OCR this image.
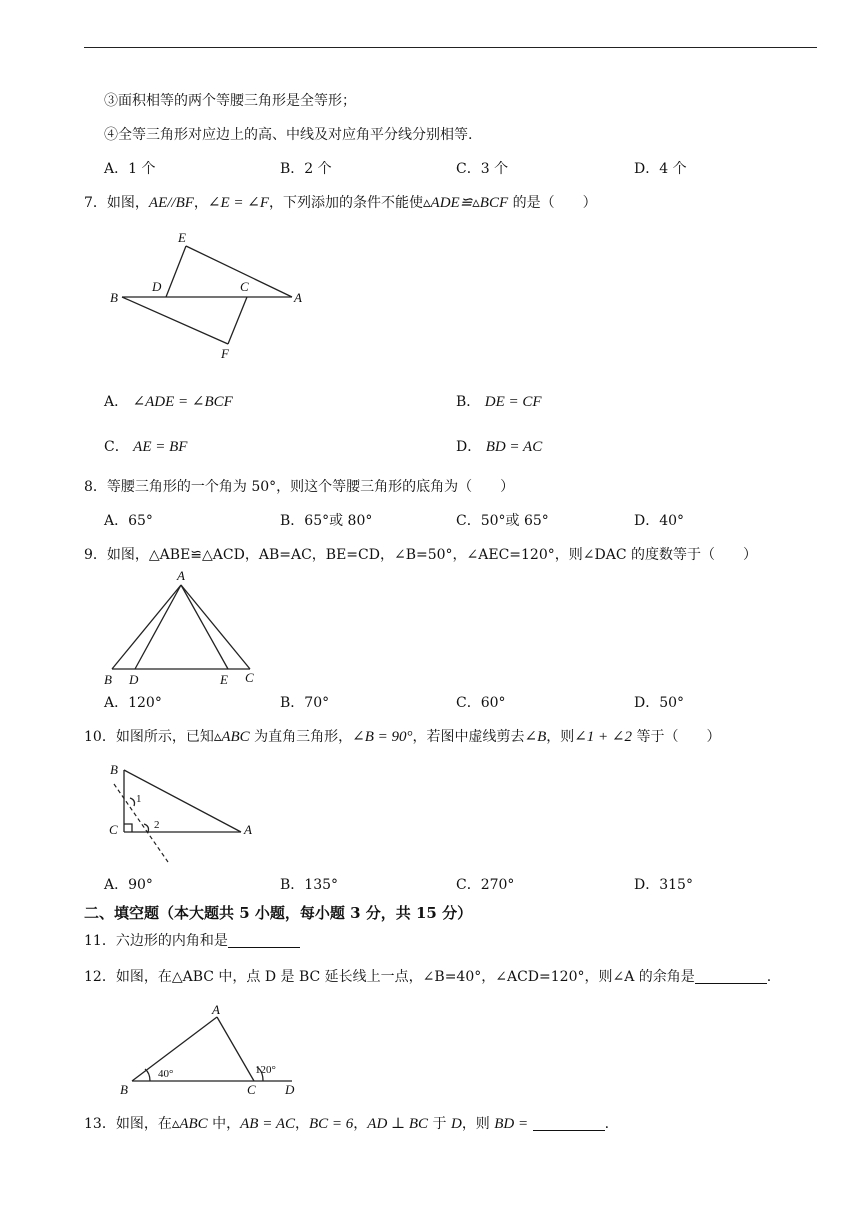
③面积相等的两个等腰三角形是全等形；
④全等三角形对应边上的高、中线及对应角平分线分别相等.
A．1 个	B．2 个	C．3 个	D．4 个
7．如图，AE//BF，∠E = ∠F，下列添加的条件不能使▵ADE≌▵BCF 的是（　　）
E
D	C
A
B
F
A． ∠ADE = ∠BCF	B． DE = CF
C． AE = BF	D． BD = AC
8．等腰三角形的一个角为 50°，则这个等腰三角形的底角为（　　）
A．65°	B．65°或 80°	C．50°或 65°	D．40°
9．如图，△ABE≌△ACD，AB=AC，BE=CD，∠B=50°，∠AEC=120°，则∠DAC 的度数等于（　　）
A
B D	E C
A．120°	B．70°	C．60°	D．50°
10．如图所示，已知▵ABC 为直角三角形，∠B = 90°，若图中虚线剪去∠B，则∠1 + ∠2 等于（　　）
B
C	A
1
2
A．90°	B．135°	C．270°	D．315°
二、填空题（本大题共 5 小题，每小题 3 分，共 15 分）
11．六边形的内角和是
12．如图，在△ABC 中，点 D 是 BC 延长线上一点，∠B=40°，∠ACD=120°，则∠A 的余角是	.
A
B	C D
40°	120°
13．如图，在▵ABC 中，AB = AC，BC = 6，AD ⊥ BC 于 D，则 BD =	.
